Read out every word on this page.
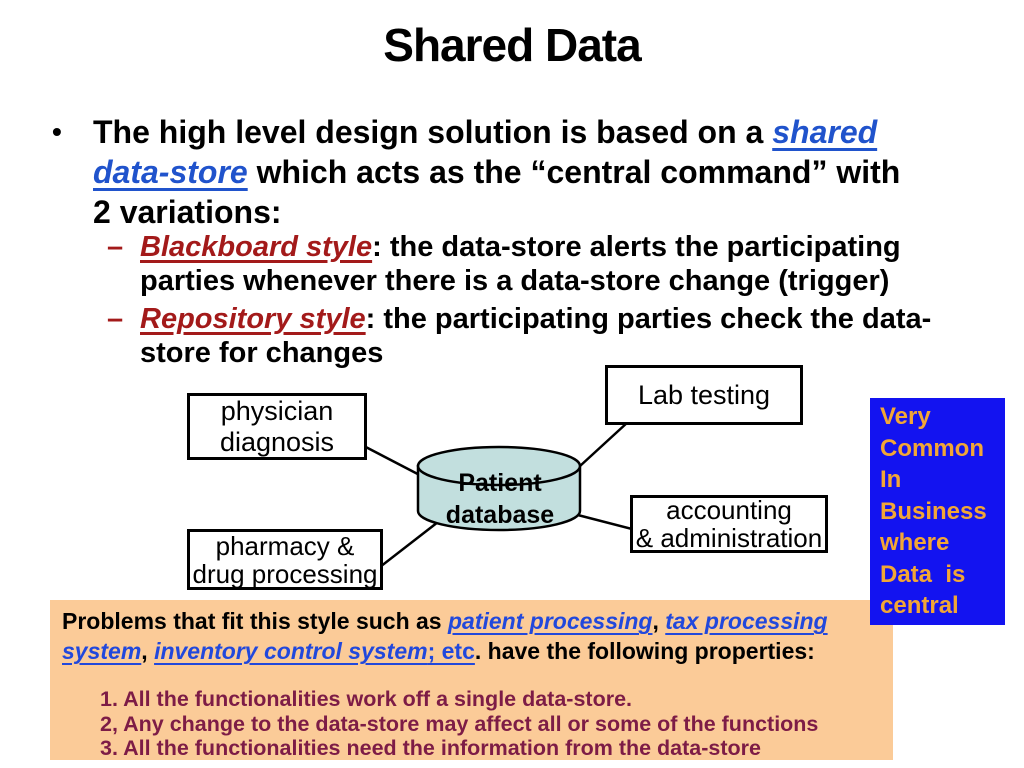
Shared Data
• The high level design solution is based on a shared
data-store which acts as the “central command” with
2 variations:
– Blackboard style: the data-store alerts the participating
parties whenever there is a data-store change (trigger)
– Repository style: the participating parties check the data-
store for changes
physician
diagnosis
Lab testing
pharmacy &
drug processing
accounting
& administration
Patient
database
Very
Common
In
Business
where
Data  is
central
Problems that fit this style such as patient processing, tax processing
system, inventory control system; etc. have the following properties:
1. All the functionalities work off a single data-store.
2, Any change to the data-store may affect all or some of the functions
3. All the functionalities need the information from the data-store
